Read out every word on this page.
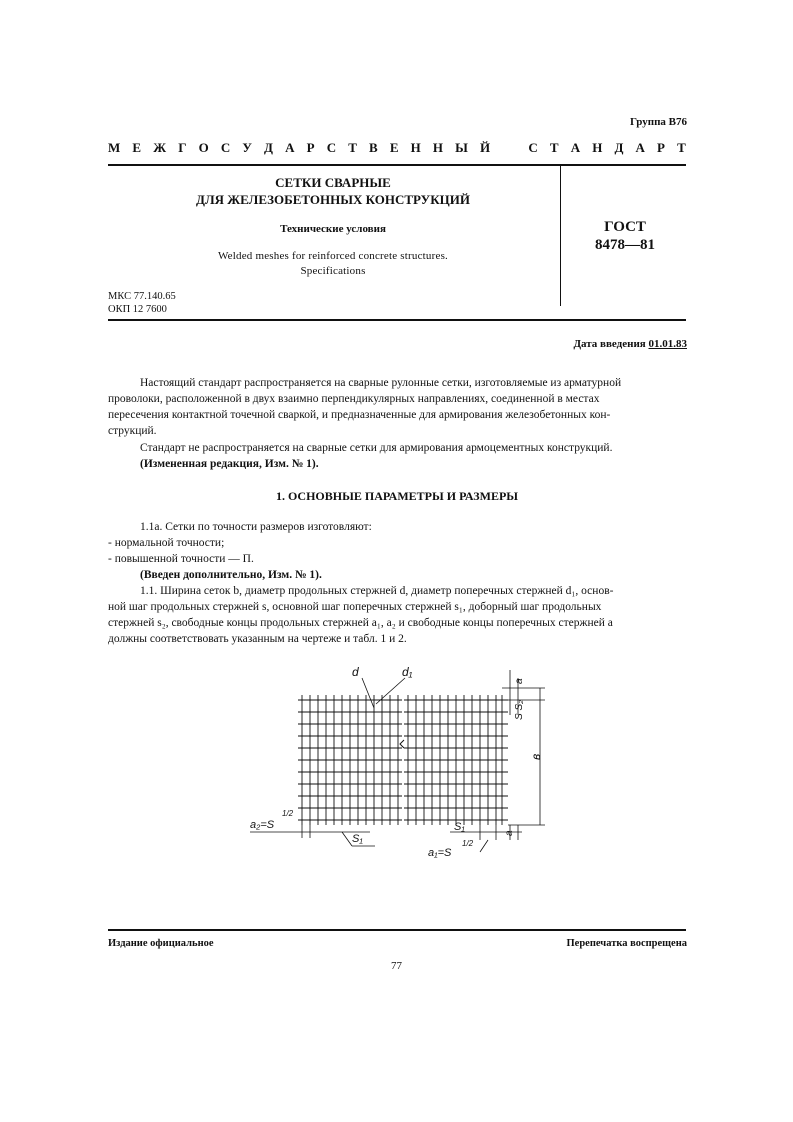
Группа В76
М Е Ж Г О С У Д А Р С Т В Е Н Н Ы Й	С Т А Н Д А Р Т
СЕТКИ СВАРНЫЕ
ДЛЯ ЖЕЛЕЗОБЕТОННЫХ КОНСТРУКЦИЙ
Технические условия
Welded meshes for reinforced concrete structures.
Specifications
ГОСТ
8478—81
МКС 77.140.65
ОКП 12 7600
Дата введения 01.01.83
Настоящий стандарт распространяется на сварные рулонные сетки, изготовляемые из арматурной
проволоки, расположенной в двух взаимно перпендикулярных направлениях, соединенной в местах
пересечения контактной точечной сваркой, и предназначенные для армирования железобетонных кон-
струкций.
Стандарт не распространяется на сварные сетки для армирования армоцементных конструкций.
(Измененная редакция, Изм. № 1).
1. ОСНОВНЫЕ ПАРАМЕТРЫ И РАЗМЕРЫ
1.1а. Сетки по точности размеров изготовляют:
- нормальной точности;
- повышенной точности — П.
(Введен дополнительно, Изм. № 1).
1.1. Ширина сеток b, диаметр продольных стержней d, диаметр поперечных стержней d₁, основ-
ной шаг продольных стержней s, основной шаг поперечных стержней s₁, доборный шаг продольных
стержней s₂, свободные концы продольных стержней a₁, a₂ и свободные концы поперечных стержней a
должны соответствовать указанным на чертеже и табл. 1 и 2.
d	d₁
a
S S₂
в
a₂=S
1/2
S₁
S₁
a
a₁=S
1/2
Издание официальное	Перепечатка воспрещена
77
